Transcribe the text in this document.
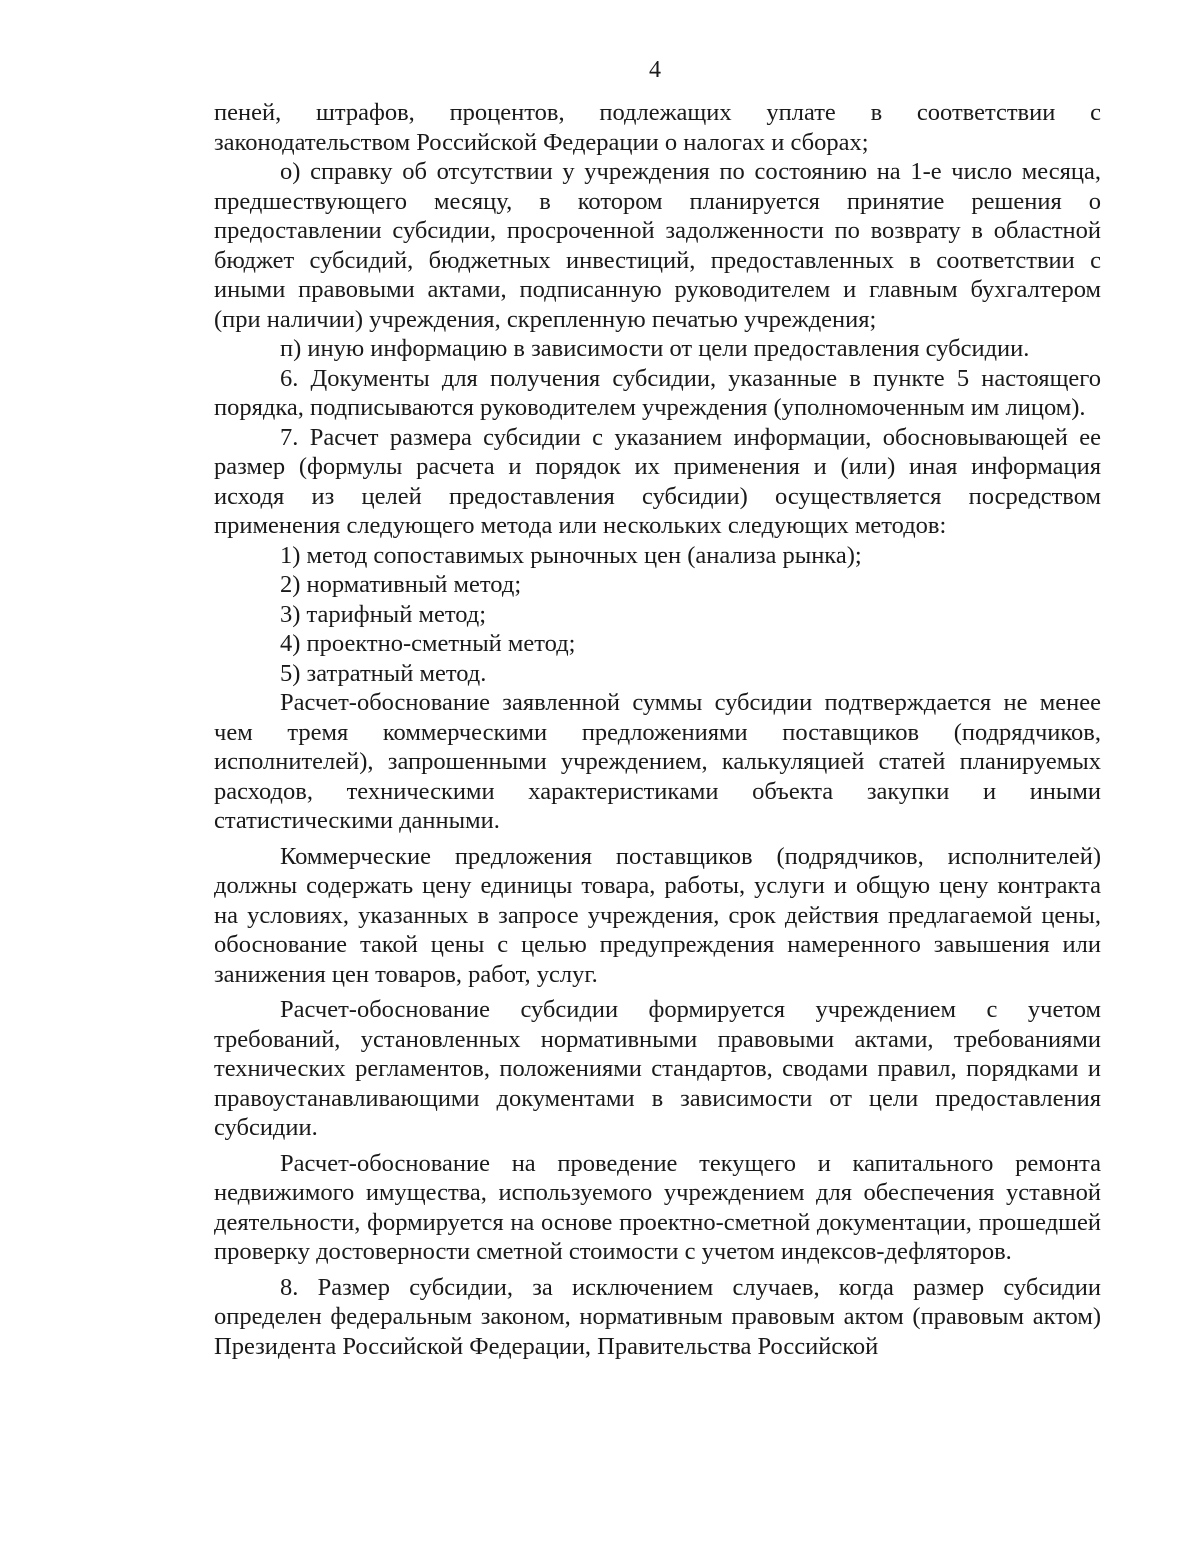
4

пеней, штрафов, процентов, подлежащих уплате в соответствии с законодательством Российской Федерации о налогах и сборах;

о) справку об отсутствии у учреждения по состоянию на 1-е число месяца, предшествующего месяцу, в котором планируется принятие решения о предоставлении субсидии, просроченной задолженности по возврату в областной бюджет субсидий, бюджетных инвестиций, предоставленных в соответствии с иными правовыми актами, подписанную руководителем и главным бухгалтером (при наличии) учреждения, скрепленную печатью учреждения;

п) иную информацию в зависимости от цели предоставления субсидии.

6. Документы для получения субсидии, указанные в пункте 5 настоящего порядка, подписываются руководителем учреждения (уполномоченным им лицом).

7. Расчет размера субсидии с указанием информации, обосновывающей ее размер (формулы расчета и порядок их применения и (или) иная информация исходя из целей предоставления субсидии) осуществляется посредством применения следующего метода или нескольких следующих методов:

1) метод сопоставимых рыночных цен (анализа рынка);

2) нормативный метод;

3) тарифный метод;

4) проектно-сметный метод;

5) затратный метод.

Расчет-обоснование заявленной суммы субсидии подтверждается не менее чем тремя коммерческими предложениями поставщиков (подрядчиков, исполнителей), запрошенными учреждением, калькуляцией статей планируемых расходов, техническими характеристиками объекта закупки и иными статистическими данными.

Коммерческие предложения поставщиков (подрядчиков, исполнителей) должны содержать цену единицы товара, работы, услуги и общую цену контракта на условиях, указанных в запросе учреждения, срок действия предлагаемой цены, обоснование такой цены с целью предупреждения намеренного завышения или занижения цен товаров, работ, услуг.

Расчет-обоснование субсидии формируется учреждением с учетом требований, установленных нормативными правовыми актами, требованиями технических регламентов, положениями стандартов, сводами правил, порядками и правоустанавливающими документами в зависимости от цели предоставления субсидии.

Расчет-обоснование на проведение текущего и капитального ремонта недвижимого имущества, используемого учреждением для обеспечения уставной деятельности, формируется на основе проектно-сметной документации, прошедшей проверку достоверности сметной стоимости с учетом индексов-дефляторов.

8. Размер субсидии, за исключением случаев, когда размер субсидии определен федеральным законом, нормативным правовым актом (правовым актом) Президента Российской Федерации, Правительства Российской
